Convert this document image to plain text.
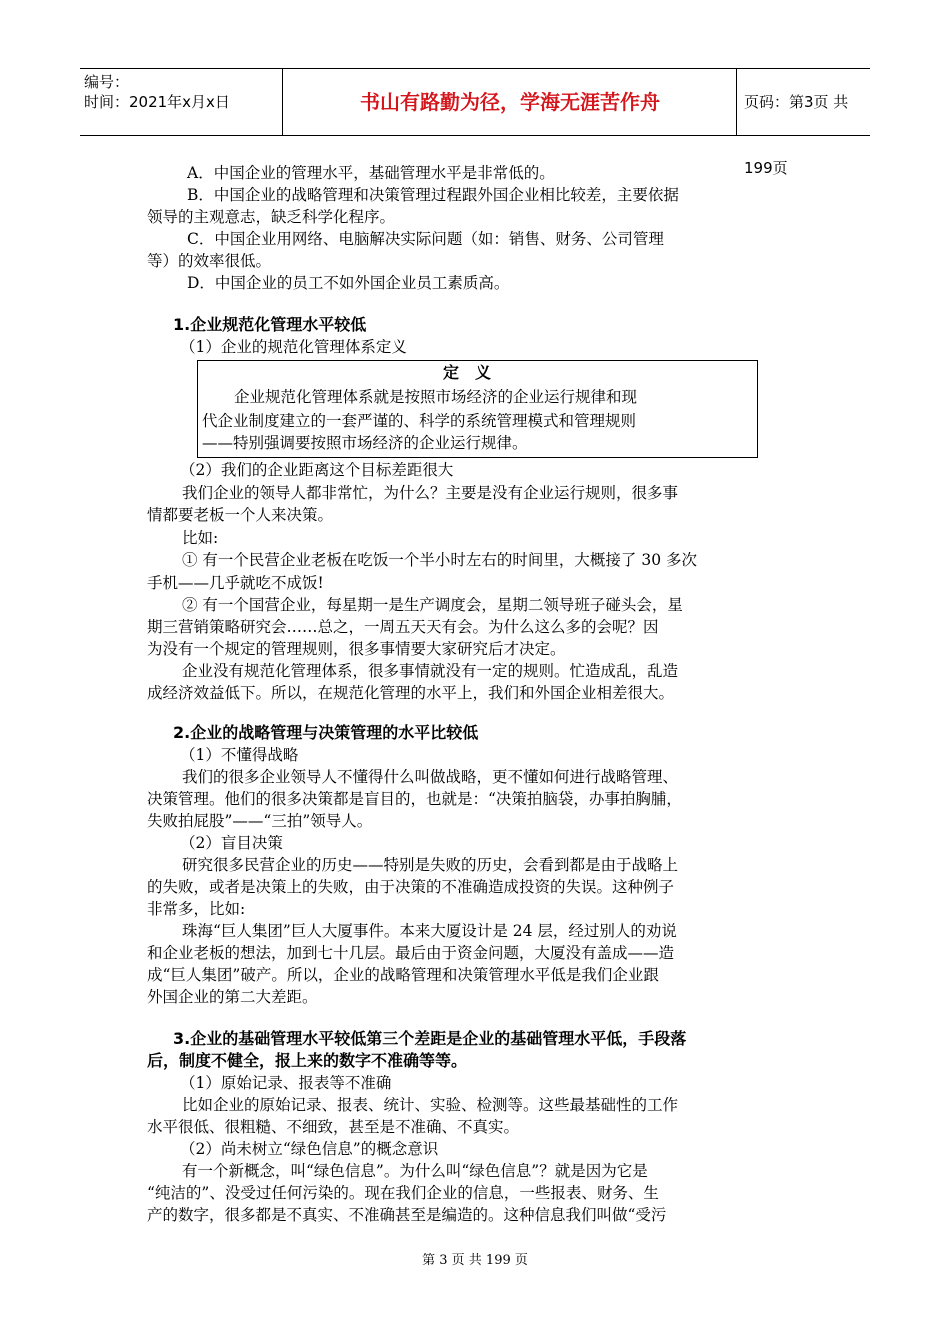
编号：
时间：2021年x月x日	书山有路勤为径，学海无涯苦作舟	页码：第3页 共199页
A．中国企业的管理水平，基础管理水平是非常低的。
B．中国企业的战略管理和决策管理过程跟外国企业相比较差，主要依据
领导的主观意志，缺乏科学化程序。
C．中国企业用网络、电脑解决实际问题（如：销售、财务、公司管理
等）的效率很低。
D．中国企业的员工不如外国企业员工素质高。
1.企业规范化管理水平较低
（1）企业的规范化管理体系定义
定　义
企业规范化管理体系就是按照市场经济的企业运行规律和现
代企业制度建立的一套严谨的、科学的系统管理模式和管理规则
——特别强调要按照市场经济的企业运行规律。
（2）我们的企业距离这个目标差距很大
我们企业的领导人都非常忙，为什么？主要是没有企业运行规则，很多事
情都要老板一个人来决策。
比如:
① 有一个民营企业老板在吃饭一个半小时左右的时间里，大概接了 30 多次
手机——几乎就吃不成饭!
② 有一个国营企业，每星期一是生产调度会，星期二领导班子碰头会，星
期三营销策略研究会……总之，一周五天天有会。为什么这么多的会呢？因
为没有一个规定的管理规则，很多事情要大家研究后才决定。
企业没有规范化管理体系，很多事情就没有一定的规则。忙造成乱，乱造
成经济效益低下。所以，在规范化管理的水平上，我们和外国企业相差很大。
2.企业的战略管理与决策管理的水平比较低
（1）不懂得战略
我们的很多企业领导人不懂得什么叫做战略，更不懂如何进行战略管理、
决策管理。他们的很多决策都是盲目的，也就是：“决策拍脑袋，办事拍胸脯，
失败拍屁股”——“三拍”领导人。
（2）盲目决策
研究很多民营企业的历史——特别是失败的历史，会看到都是由于战略上
的失败，或者是决策上的失败，由于决策的不准确造成投资的失误。这种例子
非常多，比如:
珠海“巨人集团”巨人大厦事件。本来大厦设计是 24 层，经过别人的劝说
和企业老板的想法，加到七十几层。最后由于资金问题，大厦没有盖成——造
成“巨人集团”破产。所以，企业的战略管理和决策管理水平低是我们企业跟
外国企业的第二大差距。
3.企业的基础管理水平较低第三个差距是企业的基础管理水平低，手段落
后，制度不健全，报上来的数字不准确等等。
（1）原始记录、报表等不准确
比如企业的原始记录、报表、统计、实验、检测等。这些最基础性的工作
水平很低、很粗糙、不细致，甚至是不准确、不真实。
（2）尚未树立“绿色信息”的概念意识
有一个新概念，叫“绿色信息”。为什么叫“绿色信息”？就是因为它是
“纯洁的”、没受过任何污染的。现在我们企业的信息，一些报表、财务、生
产的数字，很多都是不真实、不准确甚至是编造的。这种信息我们叫做“受污
第 3 页 共 199 页
